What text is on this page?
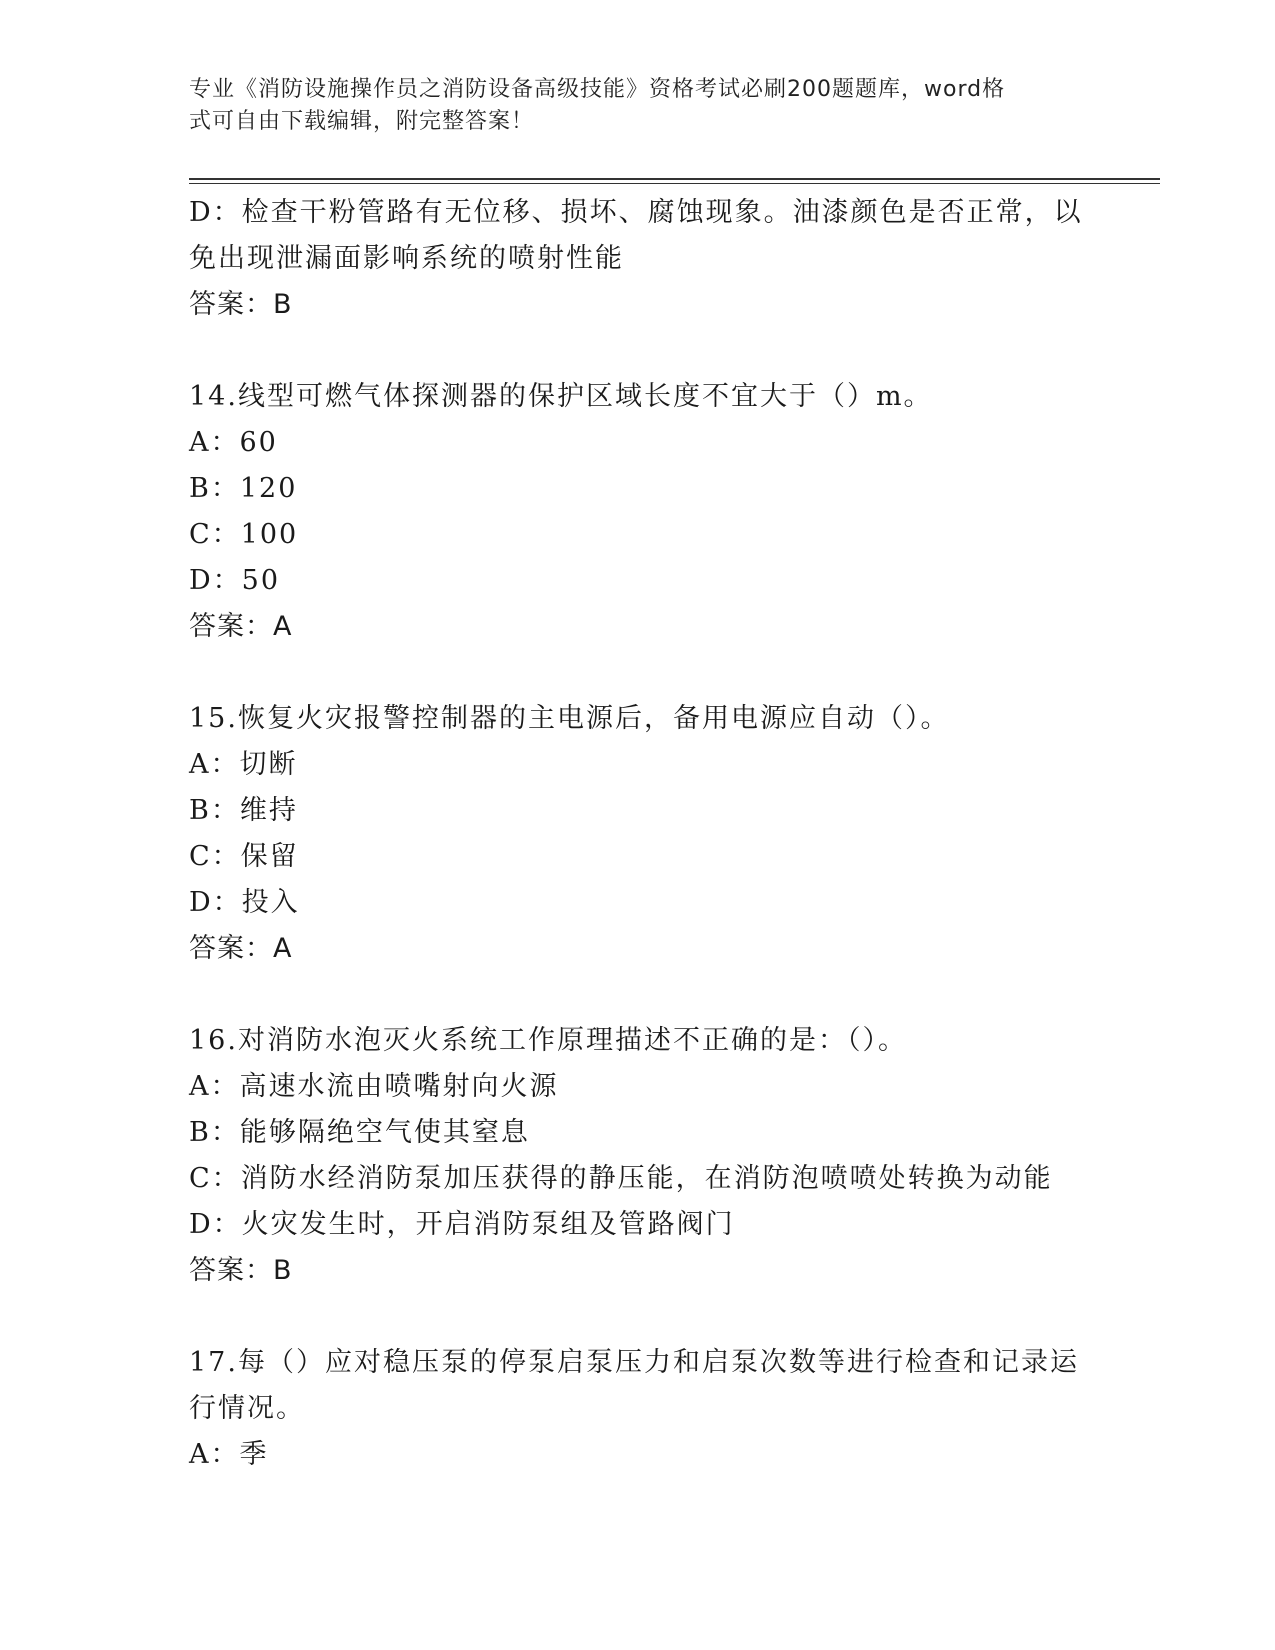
专业《消防设施操作员之消防设备高级技能》资格考试必刷200题题库，word格
式可自由下载编辑，附完整答案！
D：检查干粉管路有无位移、损坏、腐蚀现象。油漆颜色是否正常，以
免出现泄漏面影响系统的喷射性能
答案：B
14.线型可燃气体探测器的保护区域长度不宜大于（）m。
A：60
B：120
C：100
D：50
答案：A
15.恢复火灾报警控制器的主电源后，备用电源应自动（）。
A：切断
B：维持
C：保留
D：投入
答案：A
16.对消防水泡灭火系统工作原理描述不正确的是：（）。
A：高速水流由喷嘴射向火源
B：能够隔绝空气使其窒息
C：消防水经消防泵加压获得的静压能，在消防泡喷喷处转换为动能
D：火灾发生时，开启消防泵组及管路阀门
答案：B
17.每（）应对稳压泵的停泵启泵压力和启泵次数等进行检查和记录运
行情况。
A：季
